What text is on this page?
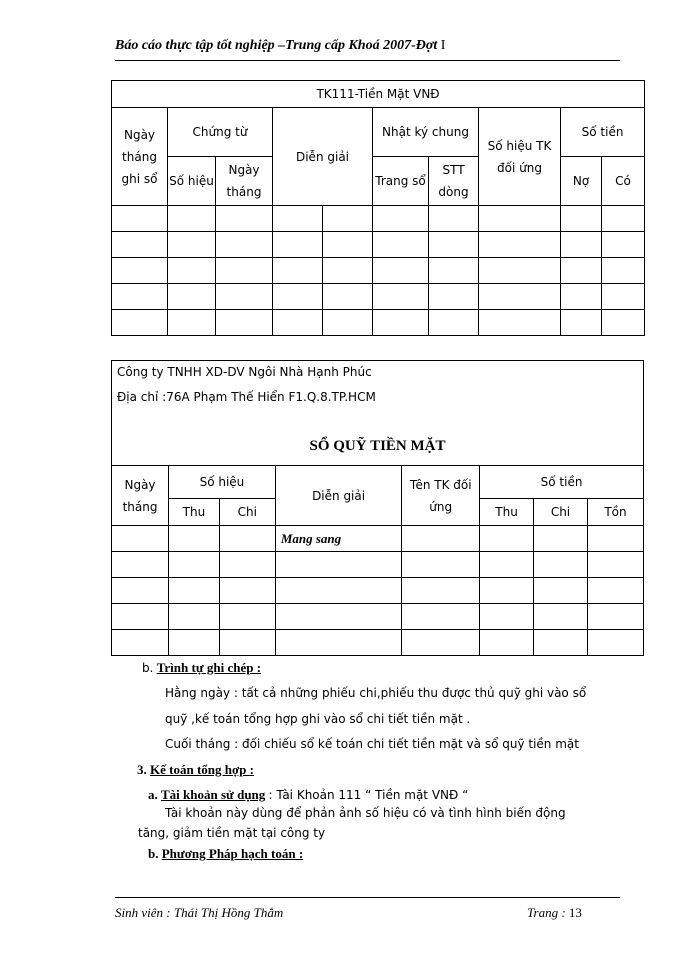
Báo cáo thực tập tốt nghiệp –Trung cấp Khoá 2007-Đợt I
TK111-Tiền Mặt VNĐ									
Ngày tháng ghi sổ	Chứng từ		Diễn giải		Nhật ký chung		Số hiệu TK đối ứng	Số tiền	
	Số hiệu	Ngày tháng			Trang sổ	STT dòng		Nợ	Có

Công ty TNHH XD-DV Ngôi Nhà Hạnh Phúc
Địa chỉ :76A Phạm Thế Hiển F1.Q.8.TP.HCM
SỔ QUỸ TIỀN MẶT
Ngày tháng	Số hiệu		Diễn giải	Tên TK đối ứng	Số tiền		
	Thu	Chi			Thu	Chi	Tồn
			Mang sang				

b. Trình tự ghi chép :
Hằng ngày : tất cả những phiếu chi,phiếu thu được thủ quỹ ghi vào sổ
quỹ ,kế toán tổng hợp ghi vào sổ chi tiết tiền mặt .
Cuối tháng : đối chiếu sổ kế toán chi tiết tiền mặt và sổ quỹ tiền mặt
3. Kế toán tổng hợp :
a. Tài khoản sử dụng : Tài Khoản 111 “ Tiền mặt VNĐ “
Tài khoản này dùng để phản ảnh số hiệu có và tình hình biến động
tăng, giảm tiền mặt tại công ty
b. Phương Pháp hạch toán :
Sinh viên : Thái Thị Hồng Thắm	Trang : 13
